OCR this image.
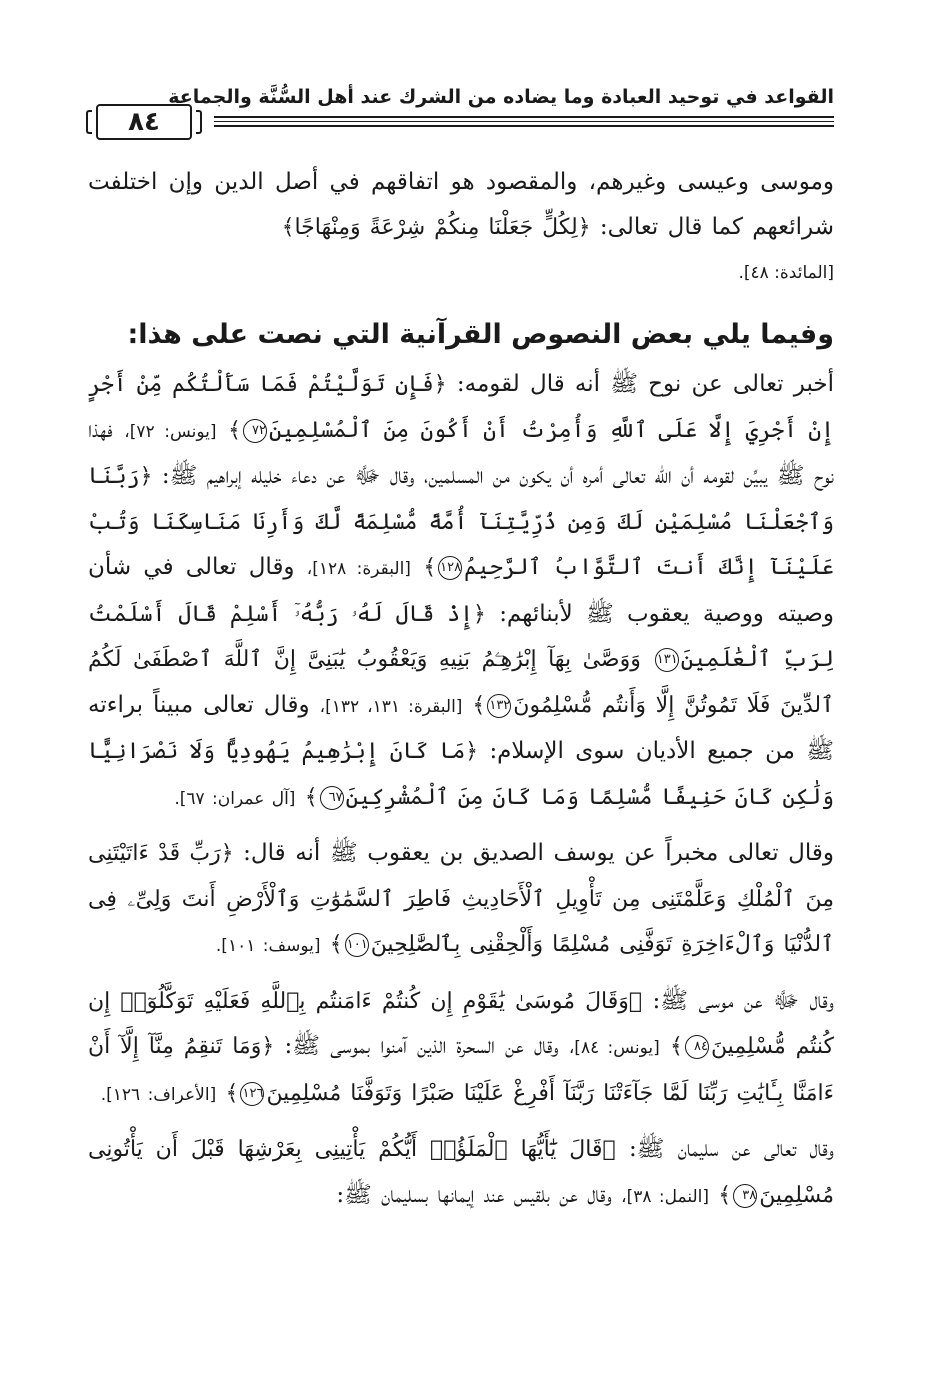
القواعد في توحيد العبادة وما يضاده من الشرك عند أهل السُّنَّة والجماعة
٨٤

وموسى وعيسى وغيرهم، والمقصود هو اتفاقهم في أصل الدين وإن اختلفت شرائعهم كما قال تعالى: ﴿لِكُلٍّ جَعَلْنَا مِنكُمْ شِرْعَةً وَمِنْهَاجًا﴾

[المائدة: ٤٨].

وفيما يلي بعض النصوص القرآنية التي نصت على هذا:

أخبر تعالى عن نوح ﷺ أنه قال لقومه: ﴿فَإِن تَوَلَّيْتُمْ فَمَا سَأَلْتُكُم مِّنْ أَجْرٍ إِنْ أَجْرِيَ إِلَّا عَلَى ٱللَّهِ وَأُمِرْتُ أَنْ أَكُونَ مِنَ ٱلْمُسْلِمِينَ٧٢﴾ [يونس: ٧٢]، فهذا نوح ﷺ يبيِّن لقومه أن الله تعالى أمره أن يكون من المسلمين، وقال ﷻ عن دعاء خليله إبراهيم ﷺ: ﴿رَبَّنَا وَٱجْعَلْنَا مُسْلِمَيْنِ لَكَ وَمِن ذُرِّيَّتِنَآ أُمَّةً مُّسْلِمَةً لَّكَ وَأَرِنَا مَنَاسِكَنَا وَتُبْ عَلَيْنَآ إِنَّكَ أَنتَ ٱلتَّوَّابُ ٱلرَّحِيمُ١٢٨﴾ [البقرة: ١٢٨]، وقال تعالى في شأن وصيته ووصية يعقوب ﷺ لأبنائهم: ﴿إِذْ قَالَ لَهُۥ رَبُّهُۥٓ أَسْلِمْ قَالَ أَسْلَمْتُ لِرَبِّ ٱلْعَٰلَمِينَ١٣١ وَوَصَّىٰ بِهَآ إِبْرَٰهِـۧمُ بَنِيهِ وَيَعْقُوبُ يَٰبَنِىَّ إِنَّ ٱللَّهَ ٱصْطَفَىٰ لَكُمُ ٱلدِّينَ فَلَا تَمُوتُنَّ إِلَّا وَأَنتُم مُّسْلِمُونَ١٣٢﴾ [البقرة: ١٣١، ١٣٢]، وقال تعالى مبيناً براءته ﷺ من جميع الأديان سوى الإسلام: ﴿مَا كَانَ إِبْرَٰهِيمُ يَهُودِيًّا وَلَا نَصْرَانِيًّا وَلَٰكِن كَانَ حَنِيفًا مُّسْلِمًا وَمَا كَانَ مِنَ ٱلْمُشْرِكِينَ٦٧﴾ [آل عمران: ٦٧].

وقال تعالى مخبراً عن يوسف الصديق بن يعقوب ﷺ أنه قال: ﴿رَبِّ قَدْ ءَاتَيْتَنِى مِنَ ٱلْمُلْكِ وَعَلَّمْتَنِى مِن تَأْوِيلِ ٱلْأَحَادِيثِ فَاطِرَ ٱلسَّمَٰوَٰتِ وَٱلْأَرْضِ أَنتَ وَلِىِّۦ فِى ٱلدُّنْيَا وَٱلْءَاخِرَةِ تَوَفَّنِى مُسْلِمًا وَأَلْحِقْنِى بِٱلصَّٰلِحِينَ١٠١﴾ [يوسف: ١٠١].

وقال ﷻ عن موسى ﷺ: ﴿وَقَالَ مُوسَىٰ يَٰقَوْمِ إِن كُنتُمْ ءَامَنتُم بِٱللَّهِ فَعَلَيْهِ تَوَكَّلُوٓا۟ إِن كُنتُم مُّسْلِمِينَ٨٤﴾ [يونس: ٨٤]، وقال عن السحرة الذين آمنوا بموسى ﷺ: ﴿وَمَا تَنقِمُ مِنَّآ إِلَّآ أَنْ ءَامَنَّا بِـَٔايَٰتِ رَبِّنَا لَمَّا جَآءَتْنَا رَبَّنَآ أَفْرِغْ عَلَيْنَا صَبْرًا وَتَوَفَّنَا مُسْلِمِينَ١٢٦﴾ [الأعراف: ١٢٦].

وقال تعالى عن سليمان ﷺ: ﴿قَالَ يَٰٓأَيُّهَا ٱلْمَلَؤُا۟ أَيُّكُمْ يَأْتِينِى بِعَرْشِهَا قَبْلَ أَن يَأْتُونِى مُسْلِمِينَ٣٨﴾ [النمل: ٣٨]، وقال عن بلقيس عند إيمانها بسليمان ﷺ:
